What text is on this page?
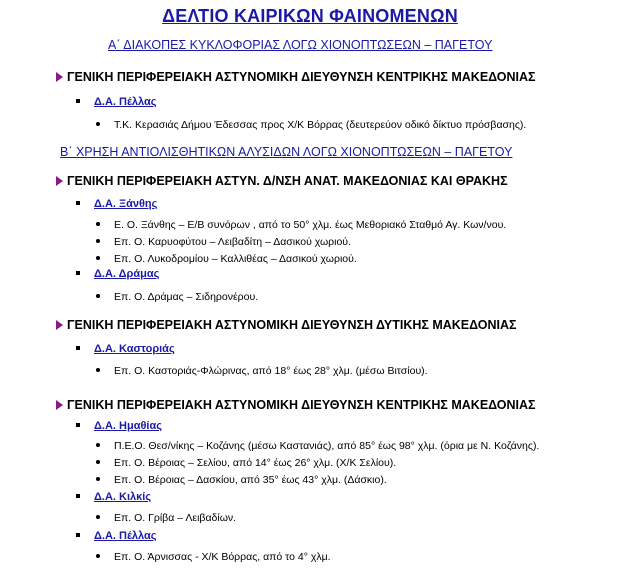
ΔΕΛΤΙΟ ΚΑΙΡΙΚΩΝ ΦΑΙΝΟΜΕΝΩΝ
Α΄ ΔΙΑΚΟΠΕΣ ΚΥΚΛΟΦΟΡΙΑΣ ΛΟΓΩ ΧΙΟΝΟΠΤΩΣΕΩΝ – ΠΑΓΕΤΟΥ
ΓΕΝΙΚΗ ΠΕΡΙΦΕΡΕΙΑΚΗ ΑΣΤΥΝΟΜΙΚΗ ΔΙΕΥΘΥΝΣΗ ΚΕΝΤΡΙΚΗΣ ΜΑΚΕΔΟΝΙΑΣ
Δ.Α. Πέλλας
Τ.Κ. Κερασιάς Δήμου Έδεσσας προς Χ/Κ Βόρρας (δευτερεύον οδικό δίκτυο πρόσβασης).
Β΄ ΧΡΗΣΗ ΑΝΤΙΟΛΙΣΘΗΤΙΚΩΝ ΑΛΥΣΙΔΩΝ ΛΟΓΩ ΧΙΟΝΟΠΤΩΣΕΩΝ – ΠΑΓΕΤΟΥ
ΓΕΝΙΚΗ ΠΕΡΙΦΕΡΕΙΑΚΗ ΑΣΤΥΝ. Δ/ΝΣΗ ΑΝΑΤ. ΜΑΚΕΔΟΝΙΑΣ ΚΑΙ ΘΡΑΚΗΣ
Δ.Α. Ξάνθης
Ε. Ο. Ξάνθης – Ε/Β συνόρων , από το 50° χλμ. έως Μεθοριακό Σταθμό Αγ. Κων/νου.
Επ. Ο. Καρυοφύτου – Λειβαδίτη – Δασικού χωριού.
Επ. Ο. Λυκοδρομίου – Καλλιθέας – Δασικού χωριού.
Δ.Α. Δράμας
Επ. Ο. Δράμας – Σιδηρονέρου.
ΓΕΝΙΚΗ ΠΕΡΙΦΕΡΕΙΑΚΗ ΑΣΤΥΝΟΜΙΚΗ ΔΙΕΥΘΥΝΣΗ ΔΥΤΙΚΗΣ ΜΑΚΕΔΟΝΙΑΣ
Δ.Α. Καστοριάς
Επ. Ο. Καστοριάς-Φλώρινας, από 18° έως 28° χλμ. (μέσω Βιτσίου).
ΓΕΝΙΚΗ ΠΕΡΙΦΕΡΕΙΑΚΗ ΑΣΤΥΝΟΜΙΚΗ ΔΙΕΥΘΥΝΣΗ ΚΕΝΤΡΙΚΗΣ ΜΑΚΕΔΟΝΙΑΣ
Δ.Α. Ημαθίας
Π.Ε.Ο. Θεσ/νίκης – Κοζάνης (μέσω Καστανιάς), από 85° έως 98° χλμ. (όρια με Ν. Κοζάνης).
Επ. Ο. Βέροιας – Σελίου, από 14° έως 26° χλμ. (Χ/Κ Σελίου).
Επ. Ο. Βέροιας – Δασκίου, από 35° έως 43° χλμ. (Δάσκιο).
Δ.Α. Κιλκίς
Επ. Ο. Γρίβα – Λειβαδίων.
Δ.Α. Πέλλας
Επ. Ο. Άρνισσας - Χ/Κ Βόρρας, από το 4° χλμ.
